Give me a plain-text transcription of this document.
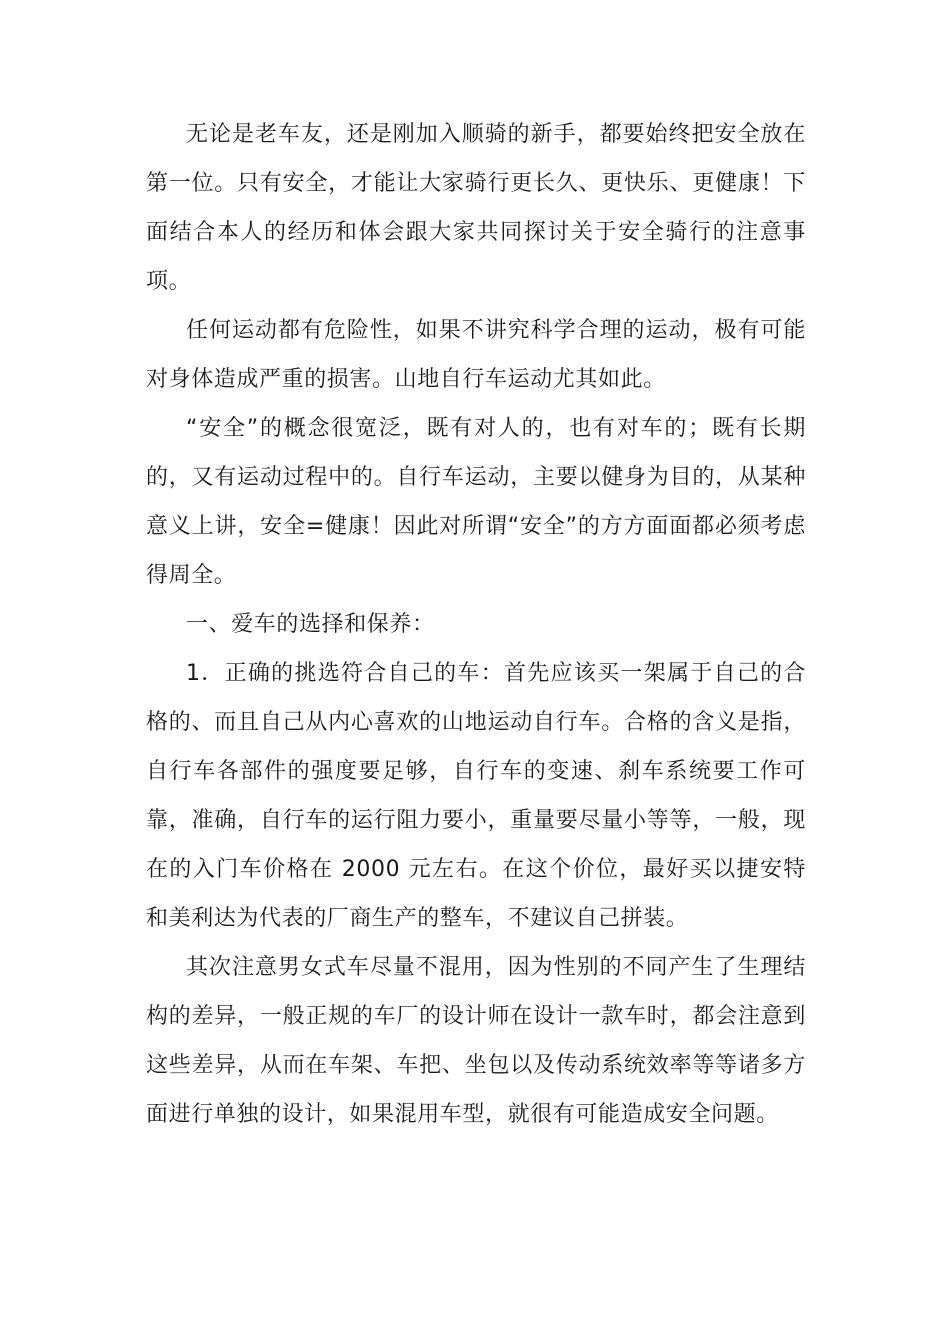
无论是老车友，还是刚加入顺骑的新手，都要始终把安全放在第一位。只有安全，才能让大家骑行更长久、更快乐、更健康！下面结合本人的经历和体会跟大家共同探讨关于安全骑行的注意事项。

任何运动都有危险性，如果不讲究科学合理的运动，极有可能对身体造成严重的损害。山地自行车运动尤其如此。

“安全”的概念很宽泛，既有对人的，也有对车的；既有长期的，又有运动过程中的。自行车运动，主要以健身为目的，从某种意义上讲，安全=健康！因此对所谓“安全”的方方面面都必须考虑得周全。

一、爱车的选择和保养：

1．正确的挑选符合自己的车：首先应该买一架属于自己的合格的、而且自己从内心喜欢的山地运动自行车。合格的含义是指，自行车各部件的强度要足够，自行车的变速、刹车系统要工作可靠，准确，自行车的运行阻力要小，重量要尽量小等等，一般，现在的入门车价格在 2000 元左右。在这个价位，最好买以捷安特和美利达为代表的厂商生产的整车，不建议自己拼装。

其次注意男女式车尽量不混用，因为性别的不同产生了生理结构的差异，一般正规的车厂的设计师在设计一款车时，都会注意到这些差异，从而在车架、车把、坐包以及传动系统效率等等诸多方面进行单独的设计，如果混用车型，就很有可能造成安全问题。
